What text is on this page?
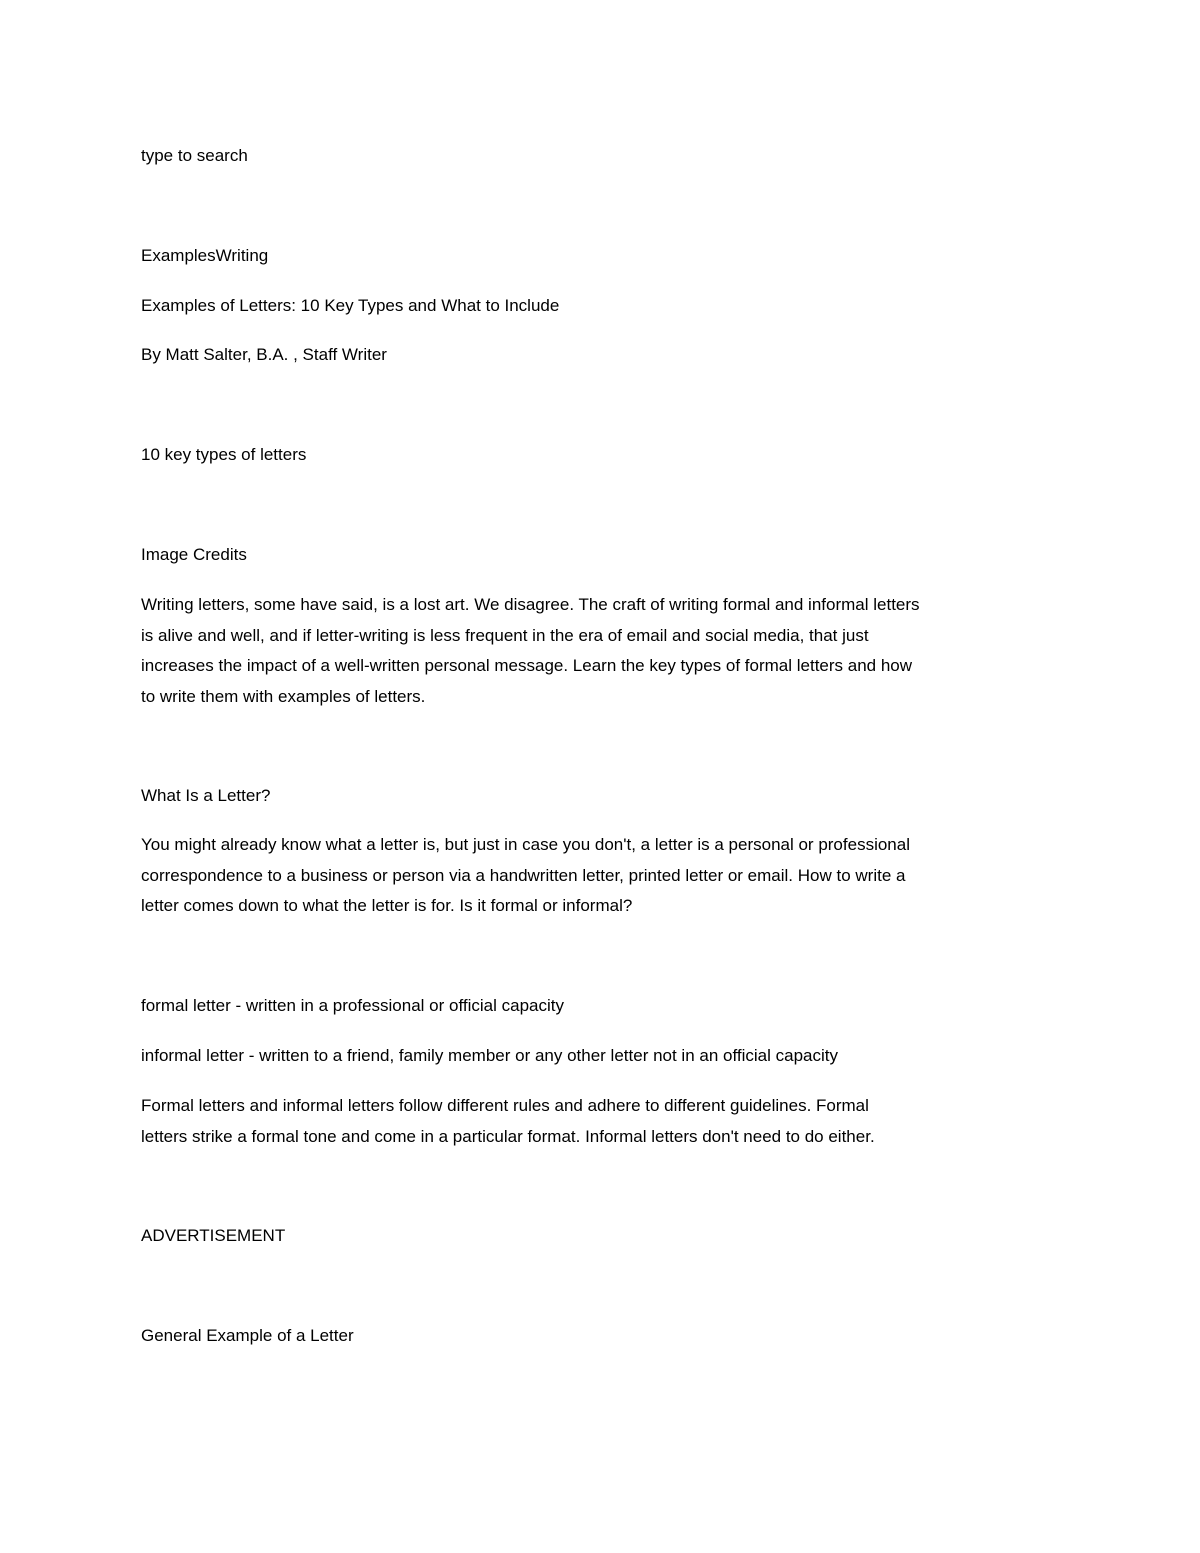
type to search

ExamplesWriting

Examples of Letters: 10 Key Types and What to Include

By Matt Salter, B.A. , Staff Writer

10 key types of letters

Image Credits

Writing letters, some have said, is a lost art. We disagree. The craft of writing formal and informal letters
is alive and well, and if letter-writing is less frequent in the era of email and social media, that just
increases the impact of a well-written personal message. Learn the key types of formal letters and how
to write them with examples of letters.

What Is a Letter?

You might already know what a letter is, but just in case you don't, a letter is a personal or professional
correspondence to a business or person via a handwritten letter, printed letter or email. How to write a
letter comes down to what the letter is for. Is it formal or informal?

formal letter - written in a professional or official capacity

informal letter - written to a friend, family member or any other letter not in an official capacity

Formal letters and informal letters follow different rules and adhere to different guidelines. Formal
letters strike a formal tone and come in a particular format. Informal letters don't need to do either.

ADVERTISEMENT

General Example of a Letter
